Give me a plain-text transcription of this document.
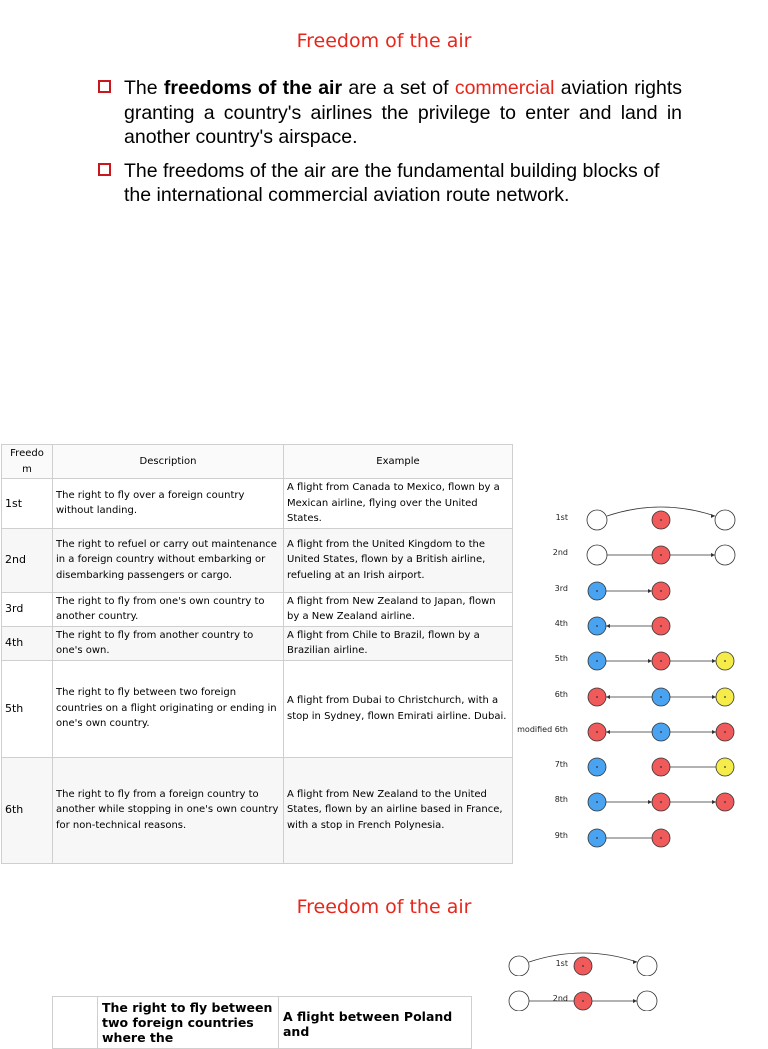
Freedom of the air
The freedoms of the air are a set of commercial aviation rights granting a country's airlines the privilege to enter and land in another country's airspace.
The freedoms of the air are the fundamental building blocks of the international commercial aviation route network.
Freedo m	Description	Example
1st	The right to fly over a foreign country without landing.	A flight from Canada to Mexico, flown by a Mexican airline, flying over the United States.
2nd	The right to refuel or carry out maintenance in a foreign country without embarking or disembarking passengers or cargo.	A flight from the United Kingdom to the United States, flown by a British airline, refueling at an Irish airport.
3rd	The right to fly from one's own country to another country.	A flight from New Zealand to Japan, flown by a New Zealand airline.
4th	The right to fly from another country to one's own.	A flight from Chile to Brazil, flown by a Brazilian airline.
5th	The right to fly between two foreign countries on a flight originating or ending in one's own country.	A flight from Dubai to Christchurch, with a stop in Sydney, flown Emirati airline. Dubai.
6th	The right to fly from a foreign country to another while stopping in one's own country for non-technical reasons.	A flight from New Zealand to the United States, flown by an airline based in France, with a stop in French Polynesia.
1st
2nd
3rd
4th
5th
6th
modified 6th
7th
8th
9th
Freedom of the air
1st
2nd
	The right to fly between two foreign countries where the	A flight between Poland and
